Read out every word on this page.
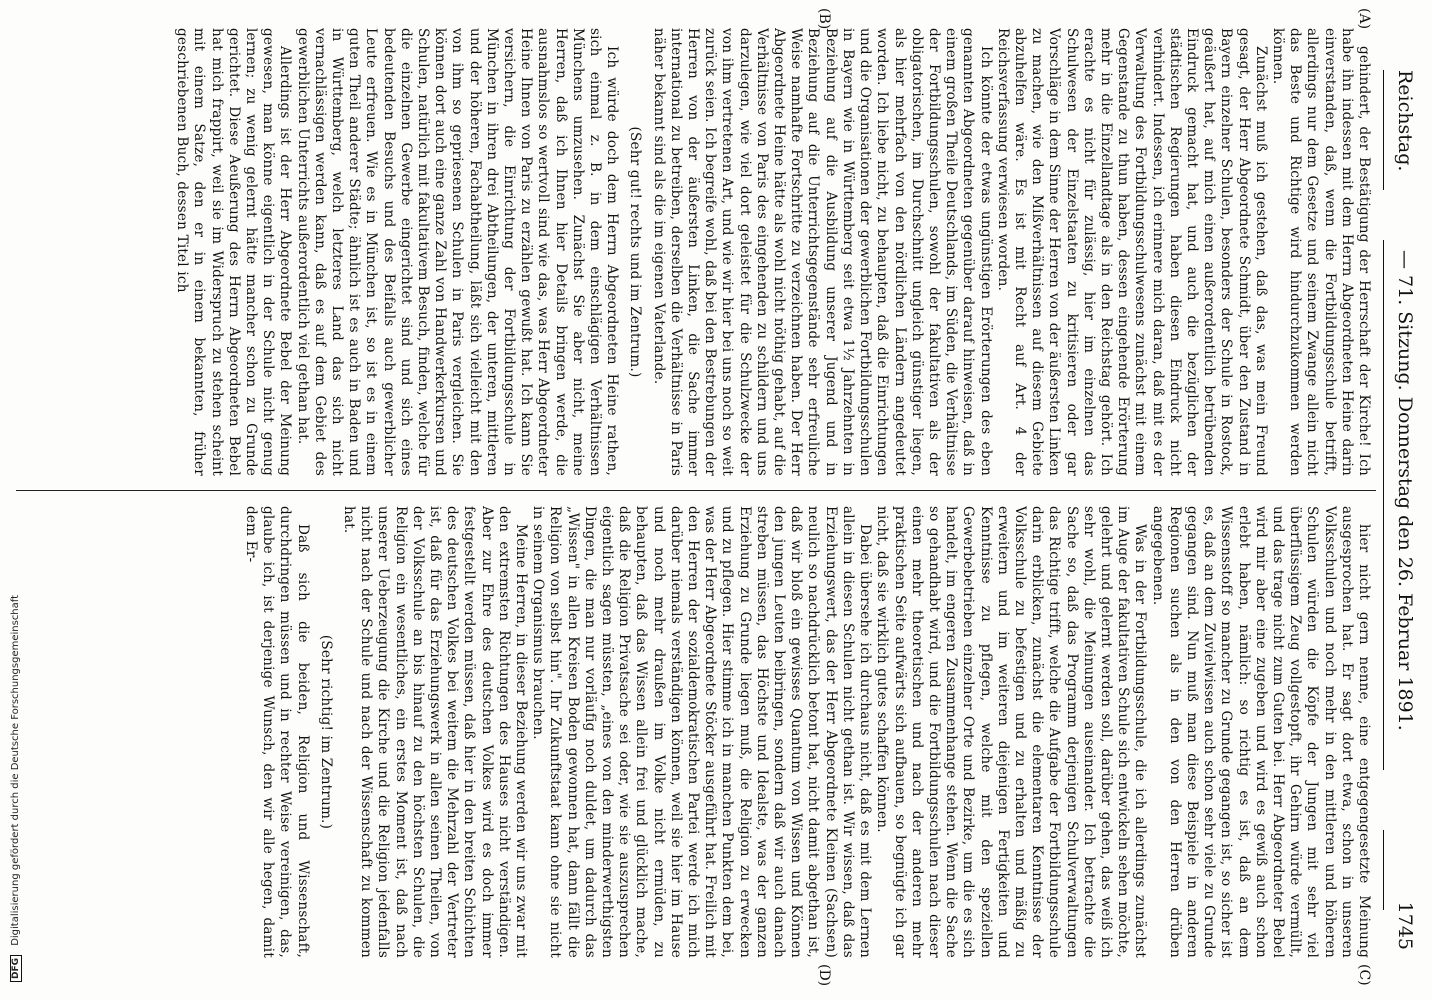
Reichstag.
— 71. Sitzung. Donnerstag den 26. Februar 1891.
1745
(A)
(B)
(C)
(D)

gehindert, der Bestätigung der Herrschaft der Kirche! Ich habe ihn indessen mit dem Herrn Abgeordneten Heine darin einverstanden, daß, wenn die Fortbildungsschule betrifft, allerdings nur dem Gesetze und seinem Zwange allein nicht das Beste und Richtige wird hindurchzukommen werden können.

Zunächst muß ich gestehen, daß das, was mein Freund gesagt, der Herr Abgeordnete Schmidt, über den Zustand in Bayern einzelner Schulen, besonders der Schule in Rostock, geäußert hat, auf mich einen außerordentlich betrübenden Eindruck gemacht hat, und auch die bezüglichen der städtischen Regierungen haben diesen Eindruck nicht verhindert. Indessen, ich erinnere mich daran, daß mit es der Verwaltung des Fortbildungsschulwesens zunächst mit einem Gegenstande zu thun haben, dessen eingehende Erörterung mehr in die Einzellandtage als in den Reichstag gehört. Ich erachte es nicht für zulässig, hier im einzelnen das Schulwesen der Einzelstaaten zu kritisieren oder gar Vorschläge in dem Sinne der Herren von der äußersten Linken zu machen, wie den Mißverhältnissen auf diesem Gebiete abzuhelfen wäre. Es ist mit Recht auf Art. 4 der Reichsverfassung verwiesen worden.

Ich könnte der etwas ungünstigen Erörterungen des eben genannten Abgeordneten gegenüber darauf hinweisen, daß in einem großen Theile Deutschlands, im Süden, die Verhältnisse der Fortbildungsschulen, sowohl der fakultativen als der obligatorischen, im Durchschnitt ungleich günstiger liegen, als hier mehrfach von den nördlichen Ländern angedeutet worden. Ich liebe nicht, zu behaupten, daß die Einrichtungen und die Organisationen der gewerblichen Fortbildungsschulen in Bayern wie in Württemberg seit etwa 1½ Jahrzehnten in Beziehung auf die Ausbildung unserer Jugend und in Beziehung auf die Unterrichtsgegenstände sehr erfreuliche Weise namhafte Fortschritte zu verzeichnen haben. Der Herr Abgeordnete Heine hätte als wohl nicht nöthig gehabt, auf die Verhältnisse von Paris des eingehenden zu schildern und uns darzulegen, wie viel dort geleistet für die Schulzwecke der von ihm vertretenen Art, und wie wir hier bei uns noch so weit zurück seien. Ich begreife wohl, daß bei den Bestrebungen der Herren von der äußersten Linken, die Sache immer international zu betreiben, derselben die Verhältnisse in Paris näher bekannt sind als die im eigenen Vaterlande.

(Sehr gut! rechts und im Zentrum.)

Ich würde doch dem Herrn Abgeordneten Heine rathen, sich einmal z. B. in dem einschlägigen Verhältnissen Münchens umzusehen. Zunächst Sie aber nicht, meine Herren, daß ich Ihnen hier Details bringen werde, die ausnahmslos so wertvoll sind wie das, was Herr Abgeordneter Heine Ihnen von Paris zu erzählen gewußt hat. Ich kann Sie versichern, die Einrichtung der Fortbildungsschule in München in ihren drei Abtheilungen, der unteren, mittleren und der höheren, Fachabtheilung, läßt sich vielleicht mit den von ihm so gepriesenen Schulen in Paris vergleichen. Sie können dort auch eine ganze Zahl von Handwerkerkursen und Schulen, natürlich mit fakultativem Besuch, finden, welche für die einzelnen Gewerbe eingerichtet sind und sich eines bedeutenden Besuchs und des Beifalls auch gewerblicher Leute erfreuen. Wie es in München ist, so ist es in einem guten Theil anderer Städte; ähnlich ist es auch in Baden und in Württemberg, welch letzteres Land das sich nicht vernachlässigen werden kann, daß es auf dem Gebiet des gewerblichen Unterrichts außerordentlich viel gethan hat.

Allerdings ist der Herr Abgeordnete Bebel der Meinung gewesen, man könne eigentlich in der Schule nicht genug lernen; zu wenig gelernt hätte mancher schon zu Grunde gerichtet. Diese Aeußerung des Herrn Abgeordneten Bebel hat mich frappirt, weil sie im Widerspruch zu stehen scheint mit einem Satze, den er in einem bekannten, früher geschriebenen Buch, dessen Titel ich

hier nicht gern nenne, eine entgegengesetzte Meinung ausgesprochen hat. Er sagt dort etwa, schon in unseren Volksschulen und noch mehr in den mittleren und höheren Schulen würden die Köpfe der Jungen mit sehr viel überflüssigem Zeug vollgestopft, ihr Gehirn würde vermüllt, und das trage nicht zum Guten bei. Herr Abgeordneter Bebel wird mir aber eine zugeben und wird es gewiß auch schon erlebt haben, nämlich: so richtig es ist, daß an dem Wissensstoff so mancher zu Grunde gegangen ist, so sicher ist es, daß an dem Zuvielwissen auch schon sehr viele zu Grunde gegangen sind. Nun muß man diese Beispiele in anderen Regionen suchen als in den von den Herren drüben angegebenen.

Was in der Fortbildungsschule, die ich allerdings zunächst im Auge der fakultativen Schule sich entwickeln sehen möchte, gelehrt und gelernt werden soll, darüber gehen, das weiß ich sehr wohl, die Meinungen auseinander. Ich betrachte die Sache so, daß das Programm derjenigen Schulverwaltungen das Richtige trifft, welche die Aufgabe der Fortbildungsschule darin erblicken, zunächst die elementaren Kenntnisse der Volksschule zu befestigen und zu erhalten und mäßig zu erweitern und im weiteren diejenigen Fertigkeiten und Kenntnisse zu pflegen, welche mit den speziellen Gewerbebetrieben einzelner Orte und Bezirke, um die es sich handelt, im engeren Zusammenhange stehen. Wenn die Sache so gehandhabt wird, und die Fortbildungsschulen nach dieser einen mehr theoretischen und nach der anderen mehr praktischen Seite aufwärts sich aufbauen, so begnügte ich gar nicht, daß sie wirklich gutes schaffen können.

Dabei übersehe ich durchaus nicht, daß es mit dem Lernen allein in diesen Schulen nicht gethan ist. Wir wissen, daß das Erziehungswert, das der Herr Abgeordnete Kleinen (Sachsen) neulich so nachdrücklich betont hat, nicht damit abgethan ist, daß wir bloß ein gewisses Quantum von Wissen und Können den jungen Leuten beibringen, sondern daß wir auch danach streben müssen, das Höchste und Idealste, was der ganzen Erziehung zu Grunde liegen muß, die Religion zu erwecken und zu pflegen. Hier stimme ich in manchen Punkten dem bei, was der Herr Abgeordnete Stöcker ausgeführt hat. Freilich mit den Herren der sozialdemokratischen Partei werde ich mich darüber niemals verständigen können, weil sie hier im Hause und noch mehr draußen im Volke nicht ermüden, zu behaupten, daß das Wissen allein frei und glücklich mache, daß die Religion Privatsache sei oder, wie sie auszusprechen eigentlich sagen müssten, „eines von den minderwerthigsten Dingen, die man nur vorläufig noch duldet, um dadurch das „Wissen" in allen Kreisen Boden gewonnen hat, dann fällt die Religion von selbst hin". Ihr Zukunftstaat kann ohne sie nicht in seinem Organismus brauchen.

Meine Herren, in dieser Beziehung werden wir uns zwar mit den extremsten Richtungen des Hauses nicht verständigen. Aber zur Ehre des deutschen Volkes wird es doch immer festgestellt werden müssen, daß hier in den breiten Schichten des deutschen Volkes bei weitem die Mehrzahl der Vertreter ist, daß für das Erziehungswerk in allen seinen Theilen, von der Volksschule an bis hinauf zu den höchsten Schulen, die Religion ein wesentliches, ein erstes Moment ist, daß nach unserer Ueberzeugung die Kirche und die Religion jedenfalls nicht nach der Schule und nach der Wissenschaft zu kommen hat.

(Sehr richtig! im Zentrum.)

Daß sich die beiden, Religion und Wissenschaft, durchdringen müssen und in rechter Weise vereinigen, das, glaube ich, ist derjenige Wunsch, den wir alle hegen, damit dem Er-

DFG Digitalisierung gefördert durch die Deutsche Forschungsgemeinschaft
